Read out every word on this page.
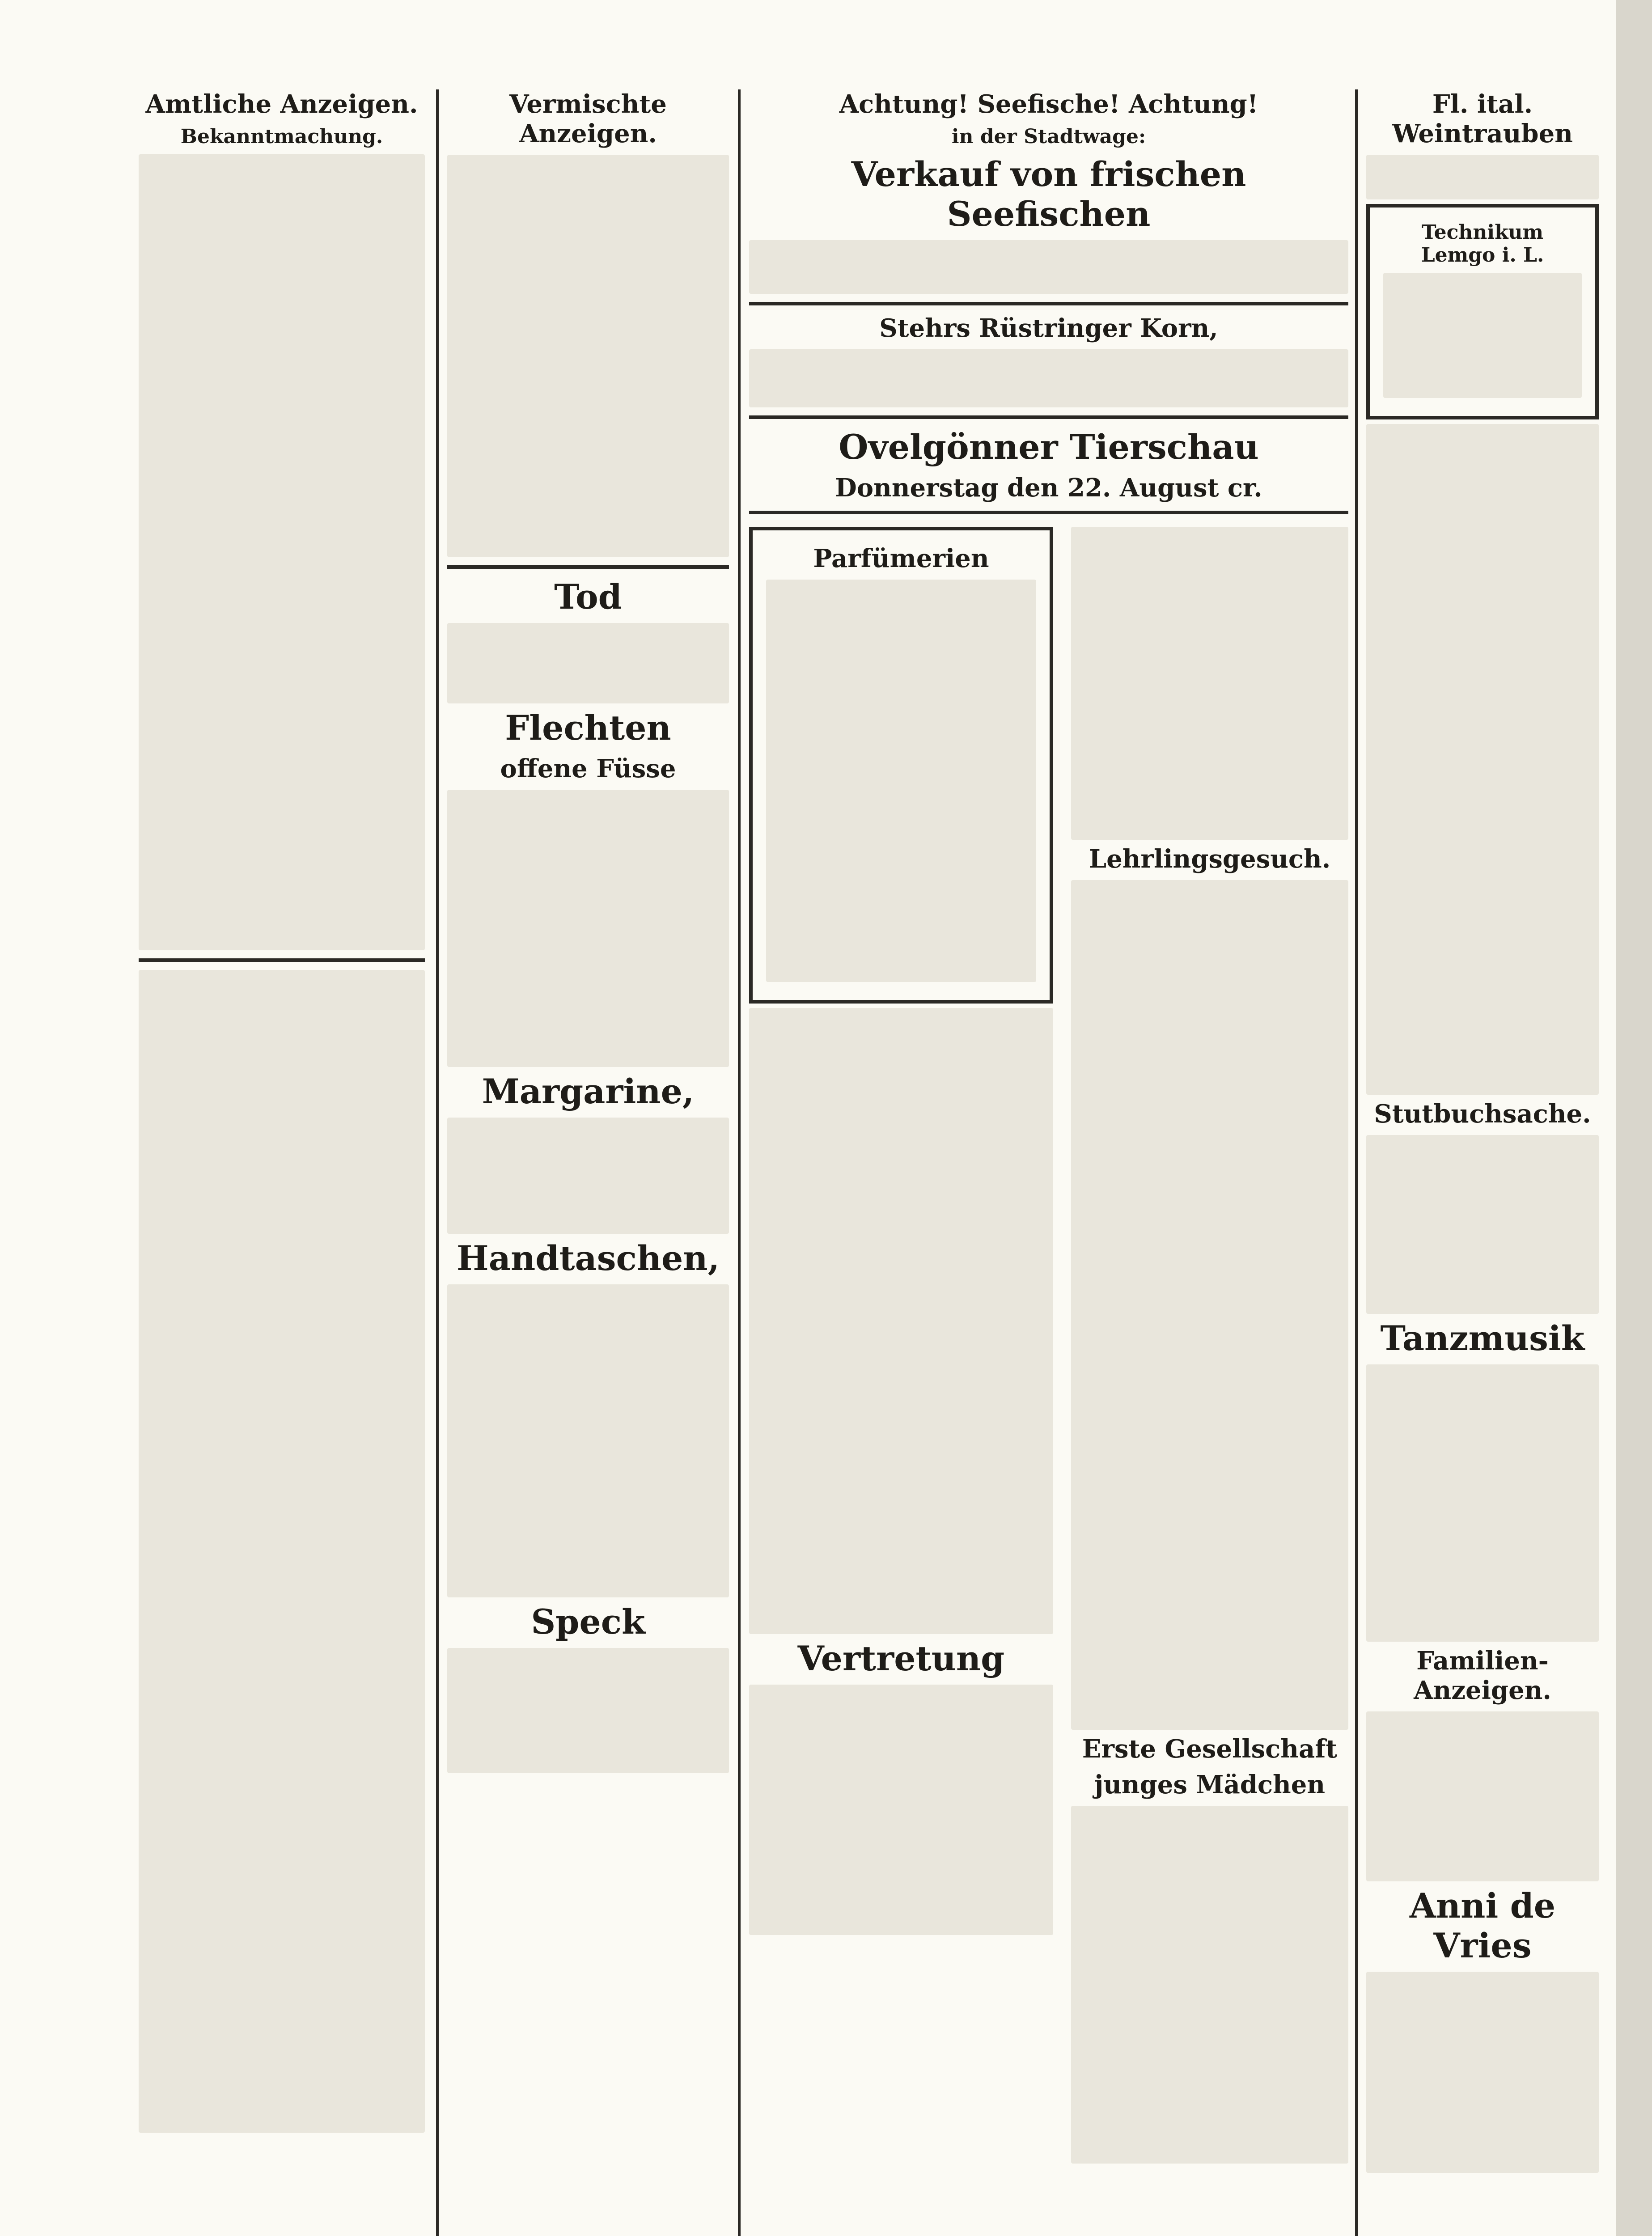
Amtliche Anzeigen.
Bekanntmachung.
Vermischte Anzeigen.
Tod
Flechten
offene Füsse
Margarine,
Handtaschen,
Speck
Achtung! Seefische! Achtung!
in der Stadtwage:
Verkauf von frischen Seefischen
Stehrs Rüstringer Korn,
Ovelgönner Tierschau
Donnerstag den 22. August cr.
Parfümerien
Vertretung
Lehrlingsgesuch.
Erste Gesellschaft
junges Mädchen
Fl. ital. Weintrauben
Technikum Lemgo i. L.
Stutbuchsache.
Tanzmusik
Familien-Anzeigen.
Anni de Vries
